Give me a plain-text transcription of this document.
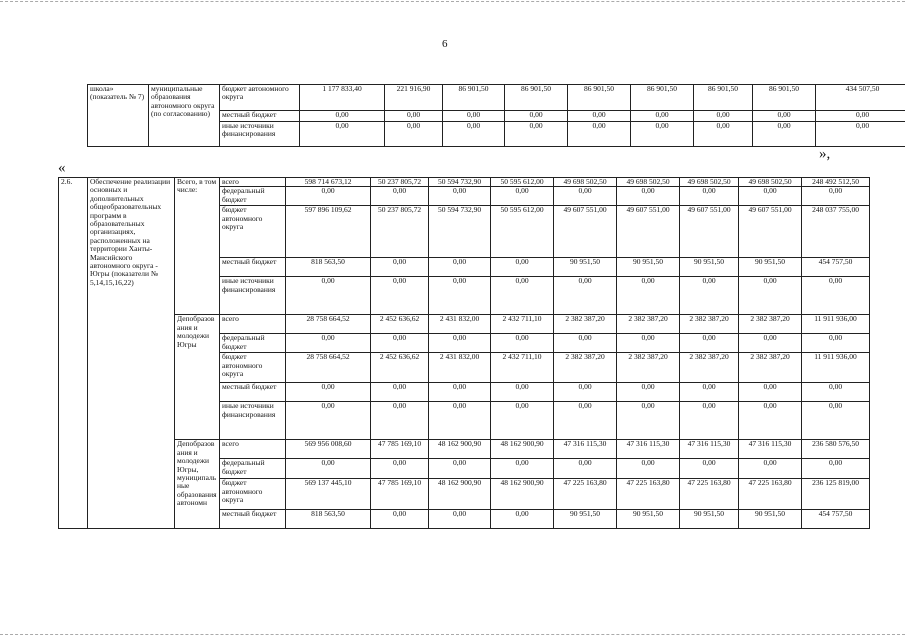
6
школа» (показатель № 7)	муниципальные образования автономного округа (по согласованию)	бюджет автономного округа	1 177 833,40	221 916,90	86 901,50	86 901,50	86 901,50	86 901,50	86 901,50	86 901,50	434 507,50
		местный бюджет	0,00	0,00	0,00	0,00	0,00	0,00	0,00	0,00	0,00
		иные источники финансирования	0,00	0,00	0,00	0,00	0,00	0,00	0,00	0,00	0,00
«
»,
2.6.	Обеспечение реализации основных и дополнительных общеобразовательных программ в образовательных организациях, расположенных на территории Ханты-Мансийского автономного округа - Югры (показатели № 5,14,15,16,22)	Всего, в том числе:	всего	598 714 673,12	50 237 805,72	50 594 732,90	50 595 612,00	49 698 502,50	49 698 502,50	49 698 502,50	49 698 502,50	248 492 512,50
			федеральный бюджет	0,00	0,00	0,00	0,00	0,00	0,00	0,00	0,00	0,00
			бюджет автономного округа	597 896 109,62	50 237 805,72	50 594 732,90	50 595 612,00	49 607 551,00	49 607 551,00	49 607 551,00	49 607 551,00	248 037 755,00
			местный бюджет	818 563,50	0,00	0,00	0,00	90 951,50	90 951,50	90 951,50	90 951,50	454 757,50
			иные источники финансирования	0,00	0,00	0,00	0,00	0,00	0,00	0,00	0,00	0,00
		Депобразования и молодежи Югры	всего	28 758 664,52	2 452 636,62	2 431 832,00	2 432 711,10	2 382 387,20	2 382 387,20	2 382 387,20	2 382 387,20	11 911 936,00
			федеральный бюджет	0,00	0,00	0,00	0,00	0,00	0,00	0,00	0,00	0,00
			бюджет автономного округа	28 758 664,52	2 452 636,62	2 431 832,00	2 432 711,10	2 382 387,20	2 382 387,20	2 382 387,20	2 382 387,20	11 911 936,00
			местный бюджет	0,00	0,00	0,00	0,00	0,00	0,00	0,00	0,00	0,00
			иные источники финансирования	0,00	0,00	0,00	0,00	0,00	0,00	0,00	0,00	0,00
		Депобразования и молодежи Югры, муниципальные образования автономн	всего	569 956 008,60	47 785 169,10	48 162 900,90	48 162 900,90	47 316 115,30	47 316 115,30	47 316 115,30	47 316 115,30	236 580 576,50
			федеральный бюджет	0,00	0,00	0,00	0,00	0,00	0,00	0,00	0,00	0,00
			бюджет автономного округа	569 137 445,10	47 785 169,10	48 162 900,90	48 162 900,90	47 225 163,80	47 225 163,80	47 225 163,80	47 225 163,80	236 125 819,00
			местный бюджет	818 563,50	0,00	0,00	0,00	90 951,50	90 951,50	90 951,50	90 951,50	454 757,50
